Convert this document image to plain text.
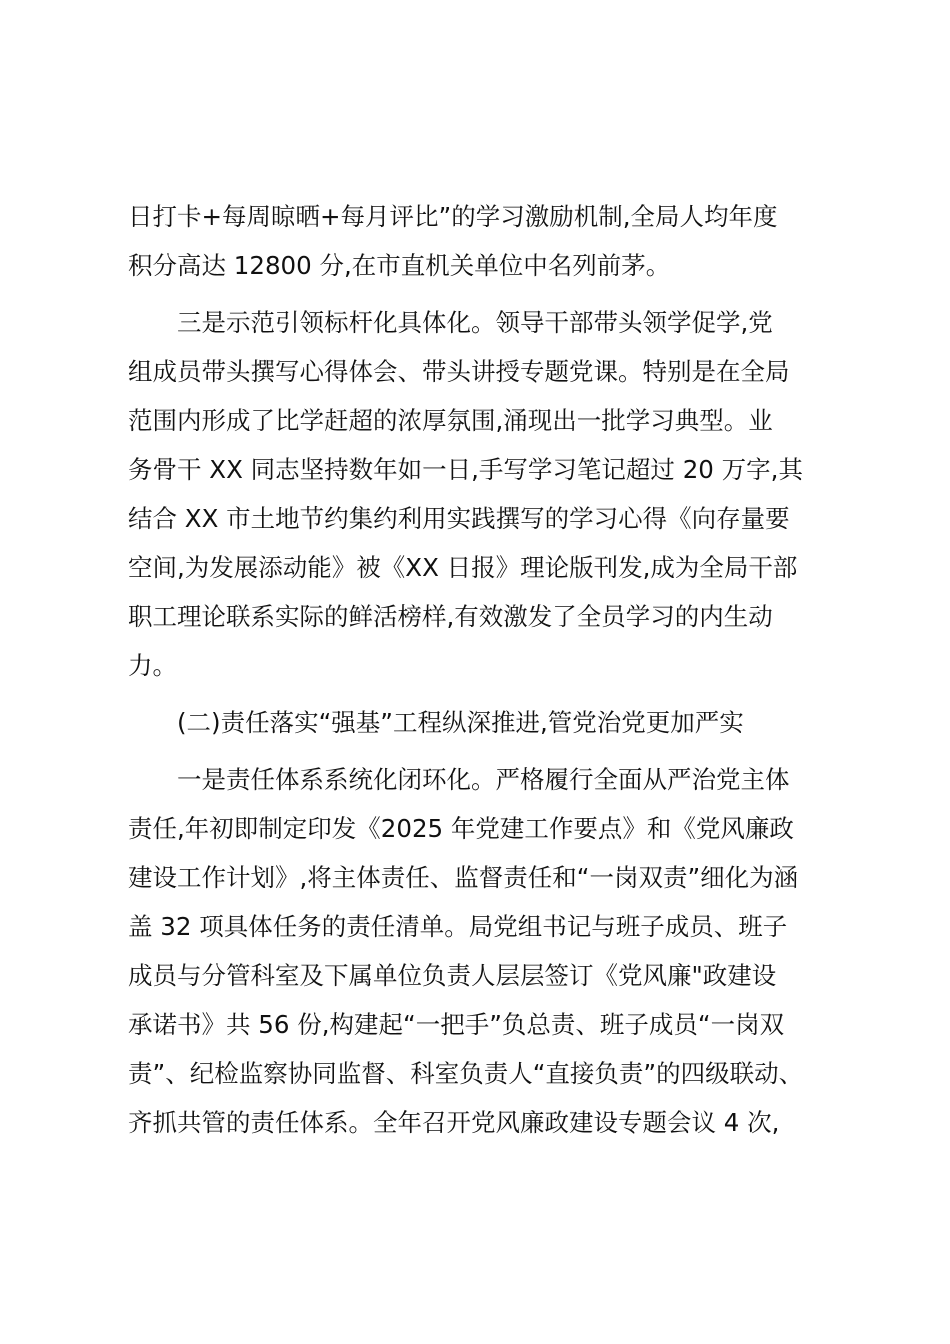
日打卡+每周晾晒+每月评比”的学习激励机制,全局人均年度
积分高达 12800 分,在市直机关单位中名列前茅。

三是示范引领标杆化具体化。领导干部带头领学促学,党
组成员带头撰写心得体会、带头讲授专题党课。特别是在全局
范围内形成了比学赶超的浓厚氛围,涌现出一批学习典型。业
务骨干 XX 同志坚持数年如一日,手写学习笔记超过 20 万字,其
结合 XX 市土地节约集约利用实践撰写的学习心得《向存量要
空间,为发展添动能》被《XX 日报》理论版刊发,成为全局干部
职工理论联系实际的鲜活榜样,有效激发了全员学习的内生动
力。

(二)责任落实“强基”工程纵深推进,管党治党更加严实

一是责任体系系统化闭环化。严格履行全面从严治党主体
责任,年初即制定印发《2025 年党建工作要点》和《党风廉政
建设工作计划》,将主体责任、监督责任和“一岗双责”细化为涵
盖 32 项具体任务的责任清单。局党组书记与班子成员、班子
成员与分管科室及下属单位负责人层层签订《党风廉"政建设
承诺书》共 56 份,构建起“一把手”负总责、班子成员“一岗双
责”、纪检监察协同监督、科室负责人“直接负责”的四级联动、
齐抓共管的责任体系。全年召开党风廉政建设专题会议 4 次,
